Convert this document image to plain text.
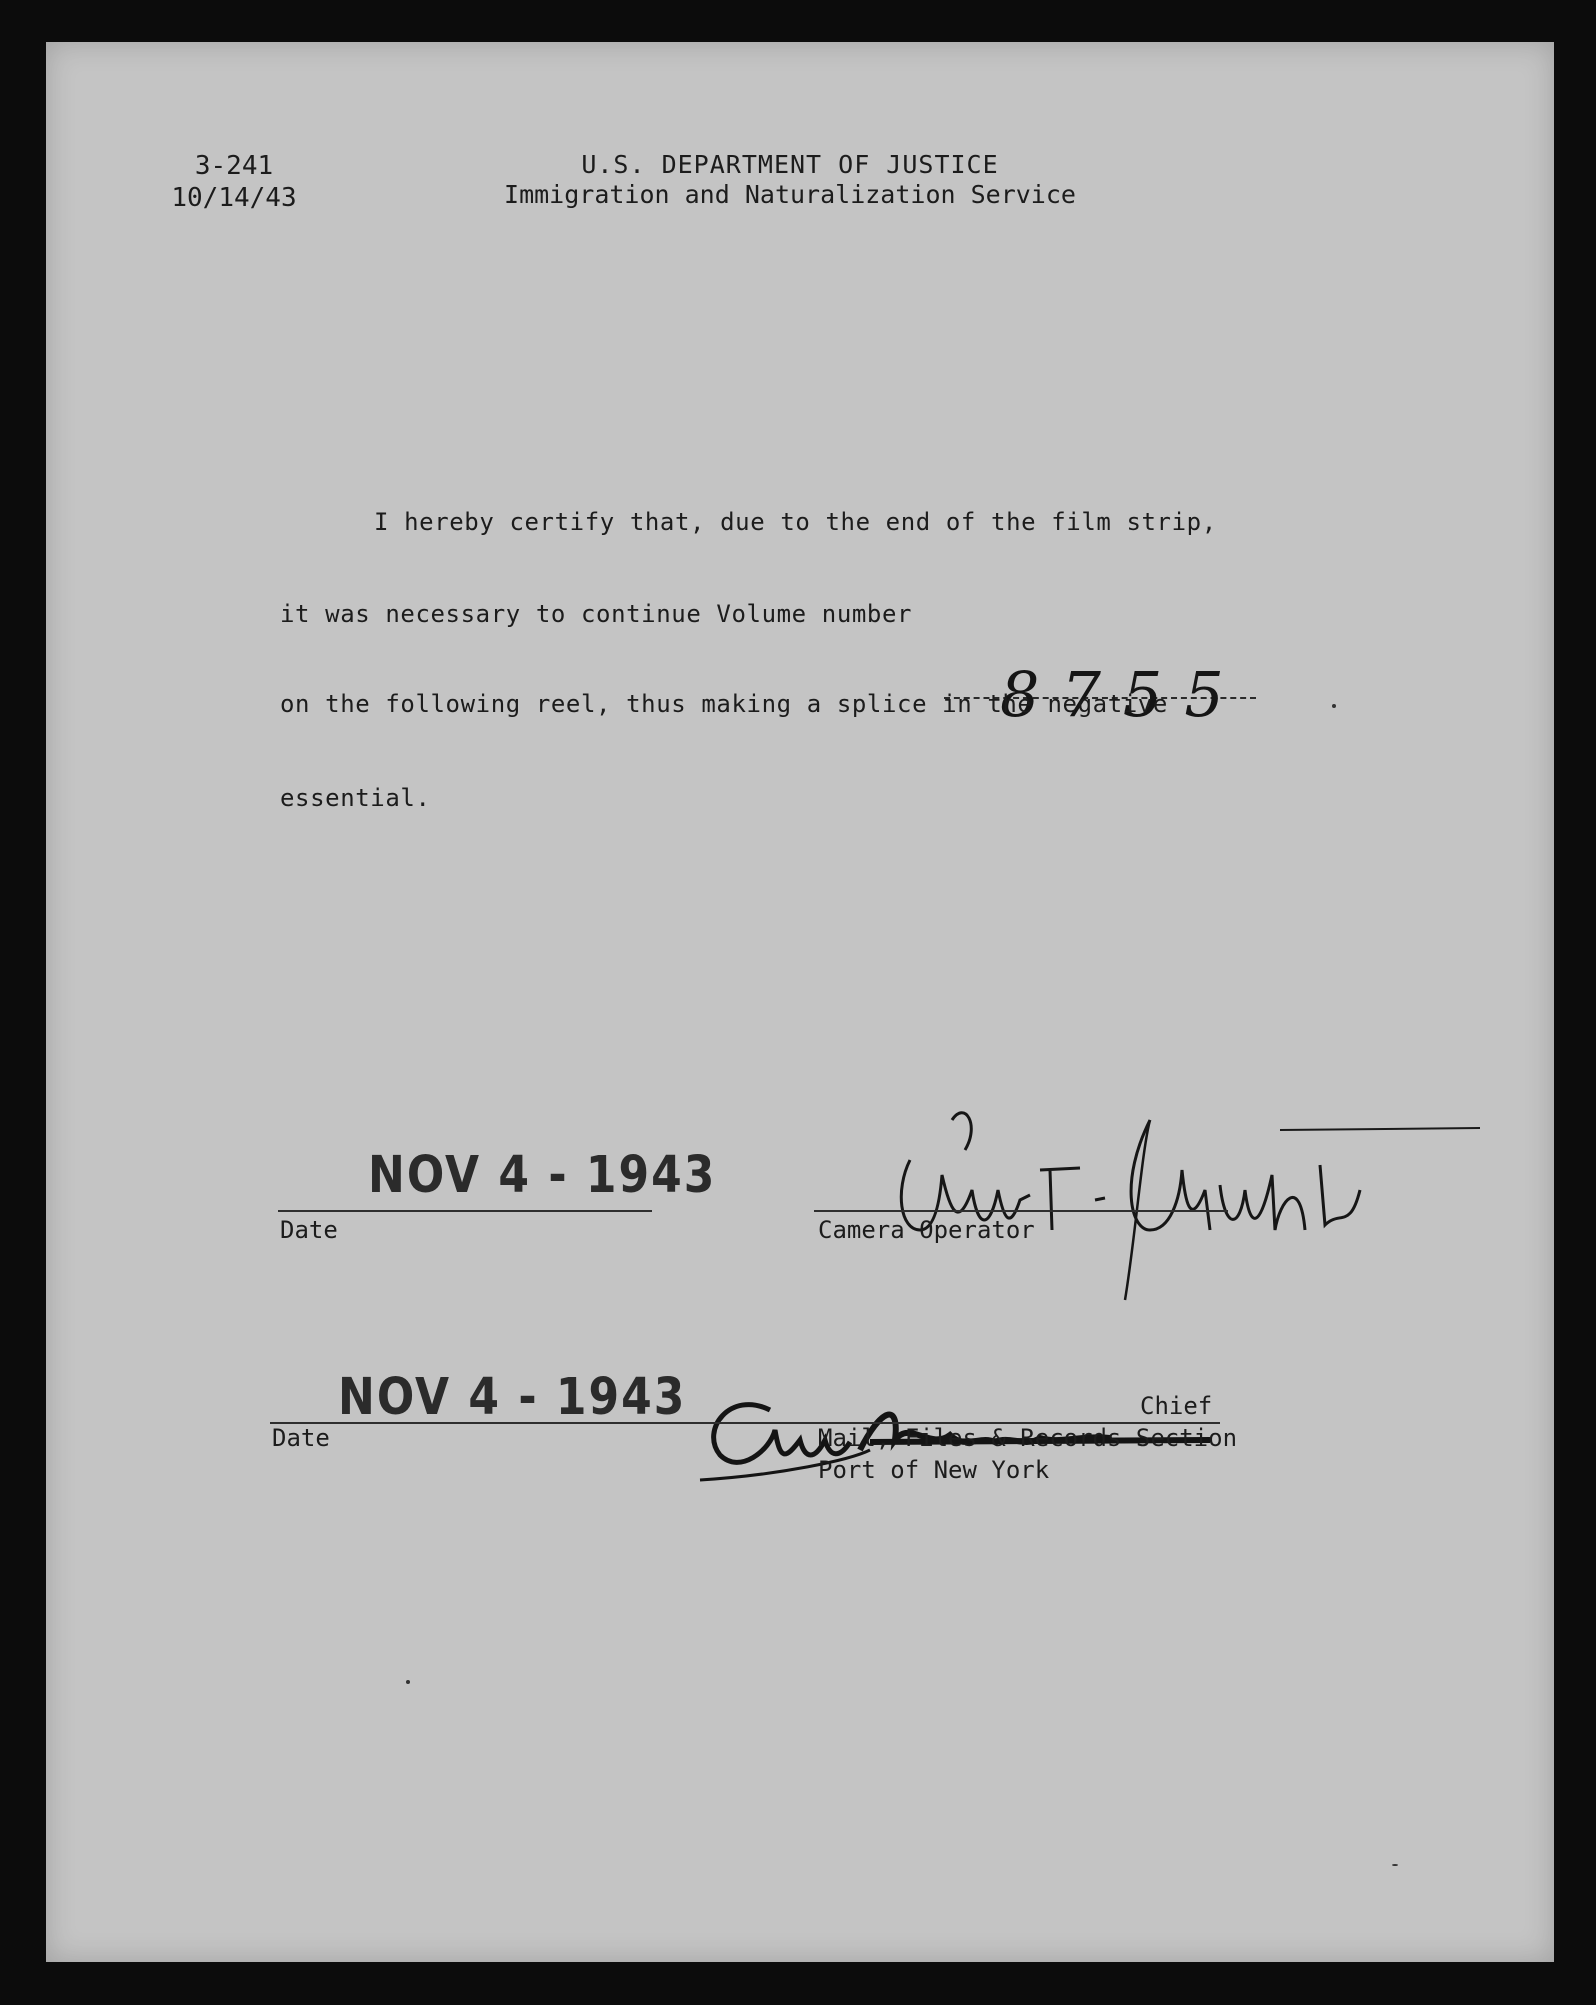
3-241
10/14/43
U.S. DEPARTMENT OF JUSTICE
Immigration and Naturalization Service
I hereby certify that, due to the end of the film strip,
it was necessary to continue Volume number
8755
on the following reel, thus making a splice in the negative
essential.
NOV 4 - 1943
Date	Camera Operator
NOV 4 - 1943
Date
Chief
Mail, Files & Records Section
Port of New York
